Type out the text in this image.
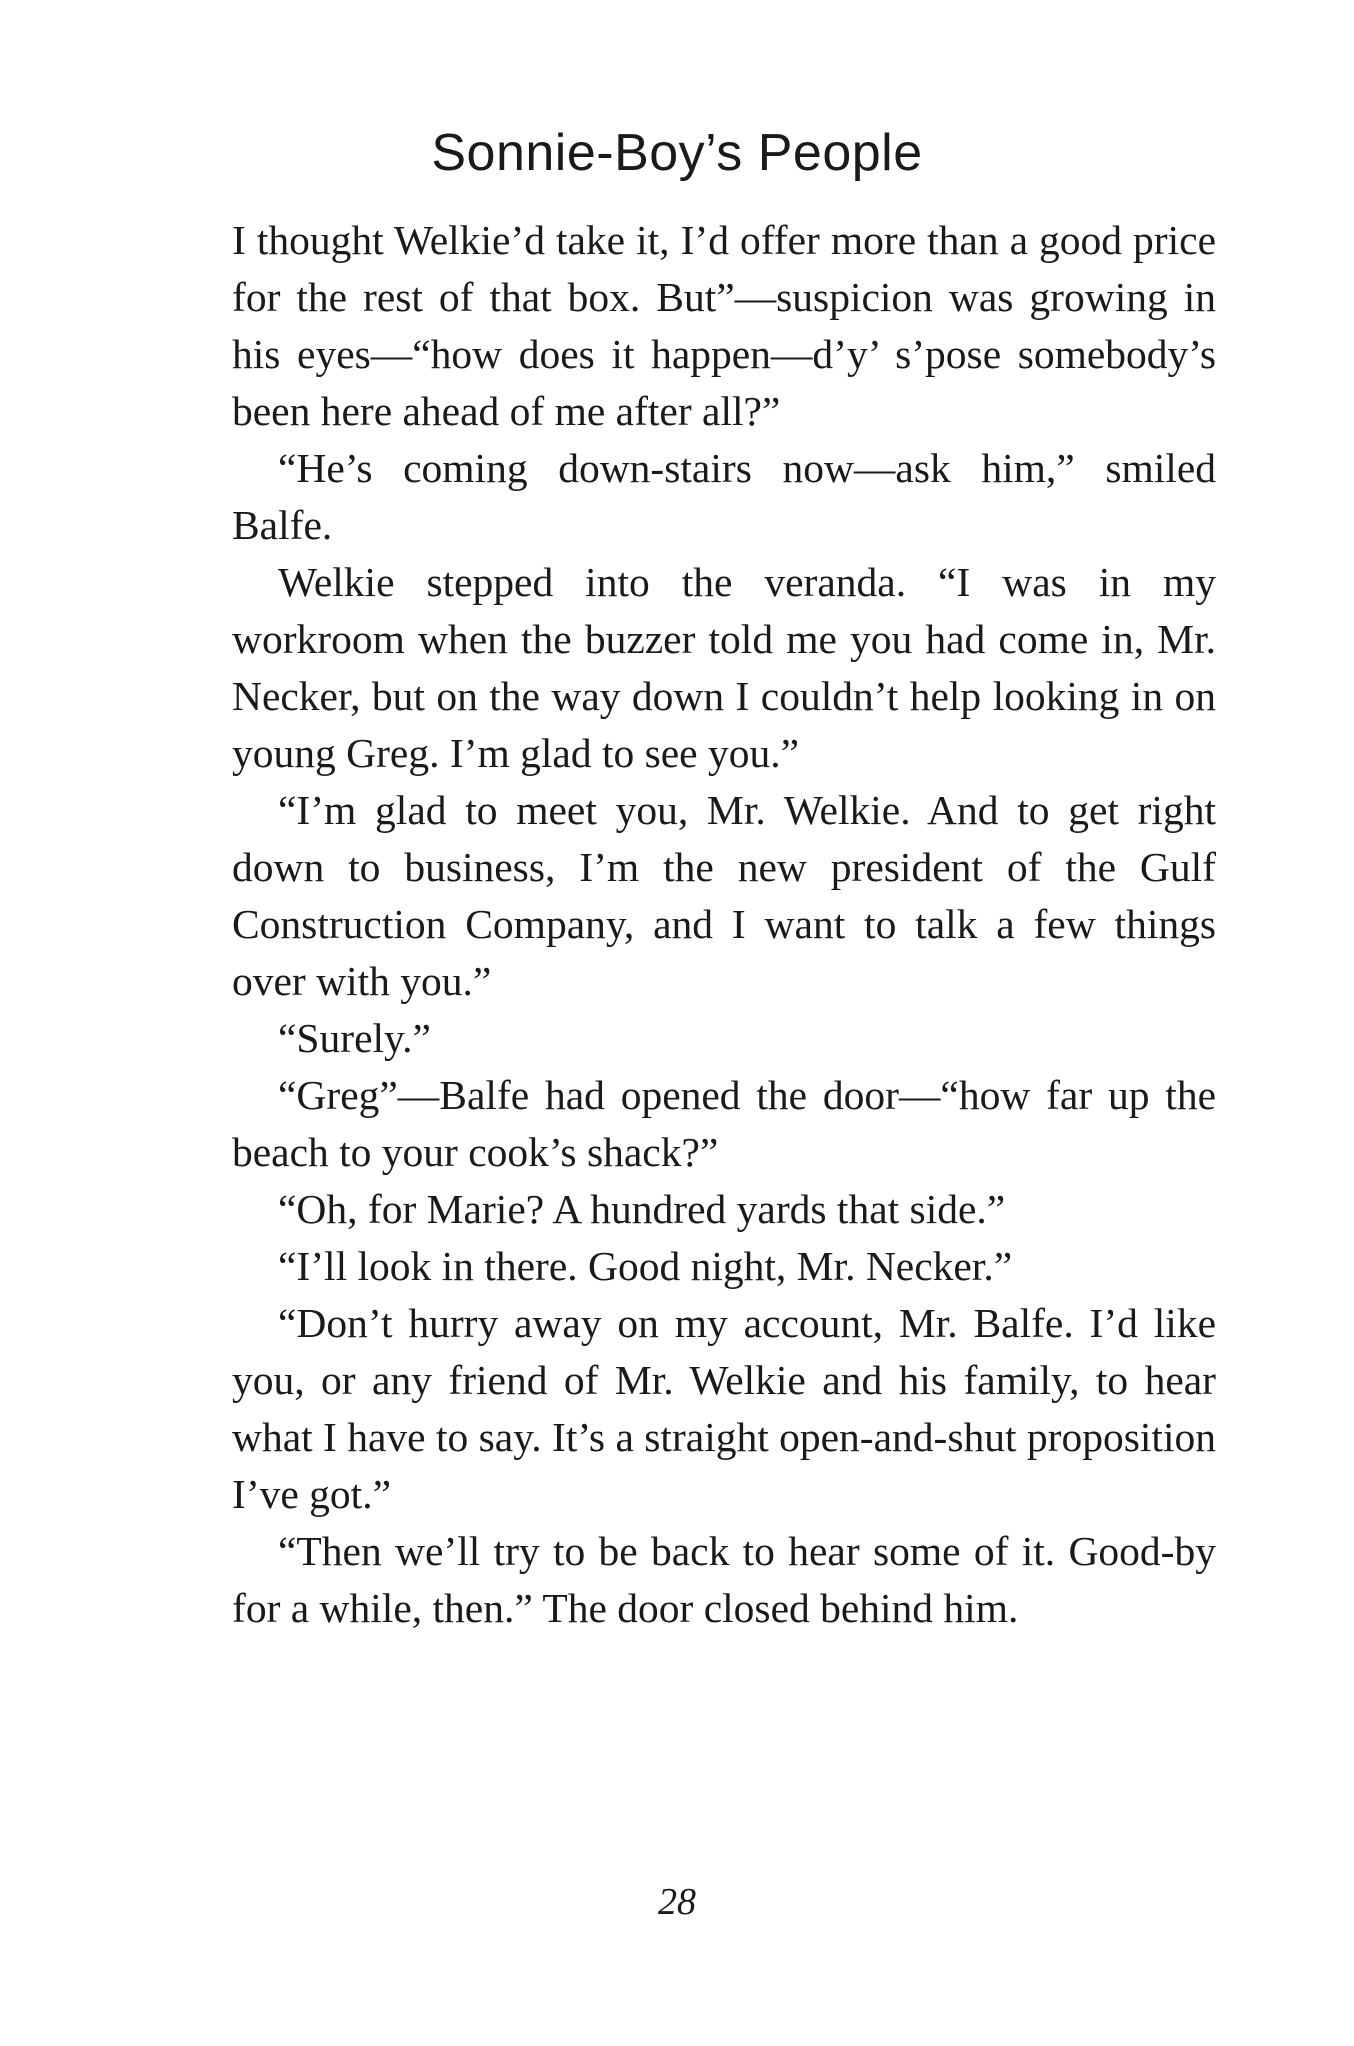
Sonnie-Boy’s People

I thought Welkie’d take it, I’d offer more than a good price for the rest of that box. But”—suspicion was growing in his eyes—“how does it happen—d’y’ s’pose somebody’s been here ahead of me after all?”

“He’s coming down-stairs now—ask him,” smiled Balfe.

Welkie stepped into the veranda. “I was in my workroom when the buzzer told me you had come in, Mr. Necker, but on the way down I couldn’t help looking in on young Greg. I’m glad to see you.”

“I’m glad to meet you, Mr. Welkie. And to get right down to business, I’m the new president of the Gulf Construction Company, and I want to talk a few things over with you.”

“Surely.”

“Greg”—Balfe had opened the door—“how far up the beach to your cook’s shack?”

“Oh, for Marie? A hundred yards that side.”

“I’ll look in there. Good night, Mr. Necker.”

“Don’t hurry away on my account, Mr. Balfe. I’d like you, or any friend of Mr. Welkie and his family, to hear what I have to say. It’s a straight open-and-shut proposition I’ve got.”

“Then we’ll try to be back to hear some of it. Good-by for a while, then.” The door closed behind him.

28
